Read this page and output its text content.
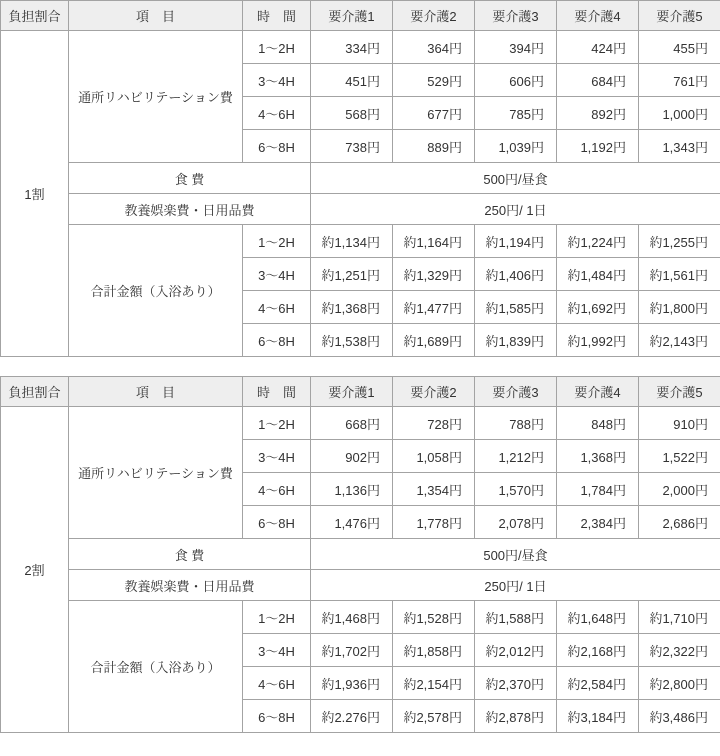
負担割合	項　目	時　間	要介護1	要介護2	要介護3	要介護4	要介護5
1割	通所リハビリテーション費	1〜2H	334円	364円	394円	424円	455円
		3〜4H	451円	529円	606円	684円	761円
		4〜6H	568円	677円	785円	892円	1,000円
		6〜8H	738円	889円	1,039円	1,192円	1,343円
	食 費		500円/昼食				
	教養娯楽費・日用品費		250円/ 1日				
	合計金額（入浴あり）	1〜2H	約1,134円	約1,164円	約1,194円	約1,224円	約1,255円
		3〜4H	約1,251円	約1,329円	約1,406円	約1,484円	約1,561円
		4〜6H	約1,368円	約1,477円	約1,585円	約1,692円	約1,800円
		6〜8H	約1,538円	約1,689円	約1,839円	約1,992円	約2,143円
負担割合	項　目	時　間	要介護1	要介護2	要介護3	要介護4	要介護5
2割	通所リハビリテーション費	1〜2H	668円	728円	788円	848円	910円
		3〜4H	902円	1,058円	1,212円	1,368円	1,522円
		4〜6H	1,136円	1,354円	1,570円	1,784円	2,000円
		6〜8H	1,476円	1,778円	2,078円	2,384円	2,686円
	食 費		500円/昼食				
	教養娯楽費・日用品費		250円/ 1日				
	合計金額（入浴あり）	1〜2H	約1,468円	約1,528円	約1,588円	約1,648円	約1,710円
		3〜4H	約1,702円	約1,858円	約2,012円	約2,168円	約2,322円
		4〜6H	約1,936円	約2,154円	約2,370円	約2,584円	約2,800円
		6〜8H	約2.276円	約2,578円	約2,878円	約3,184円	約3,486円
